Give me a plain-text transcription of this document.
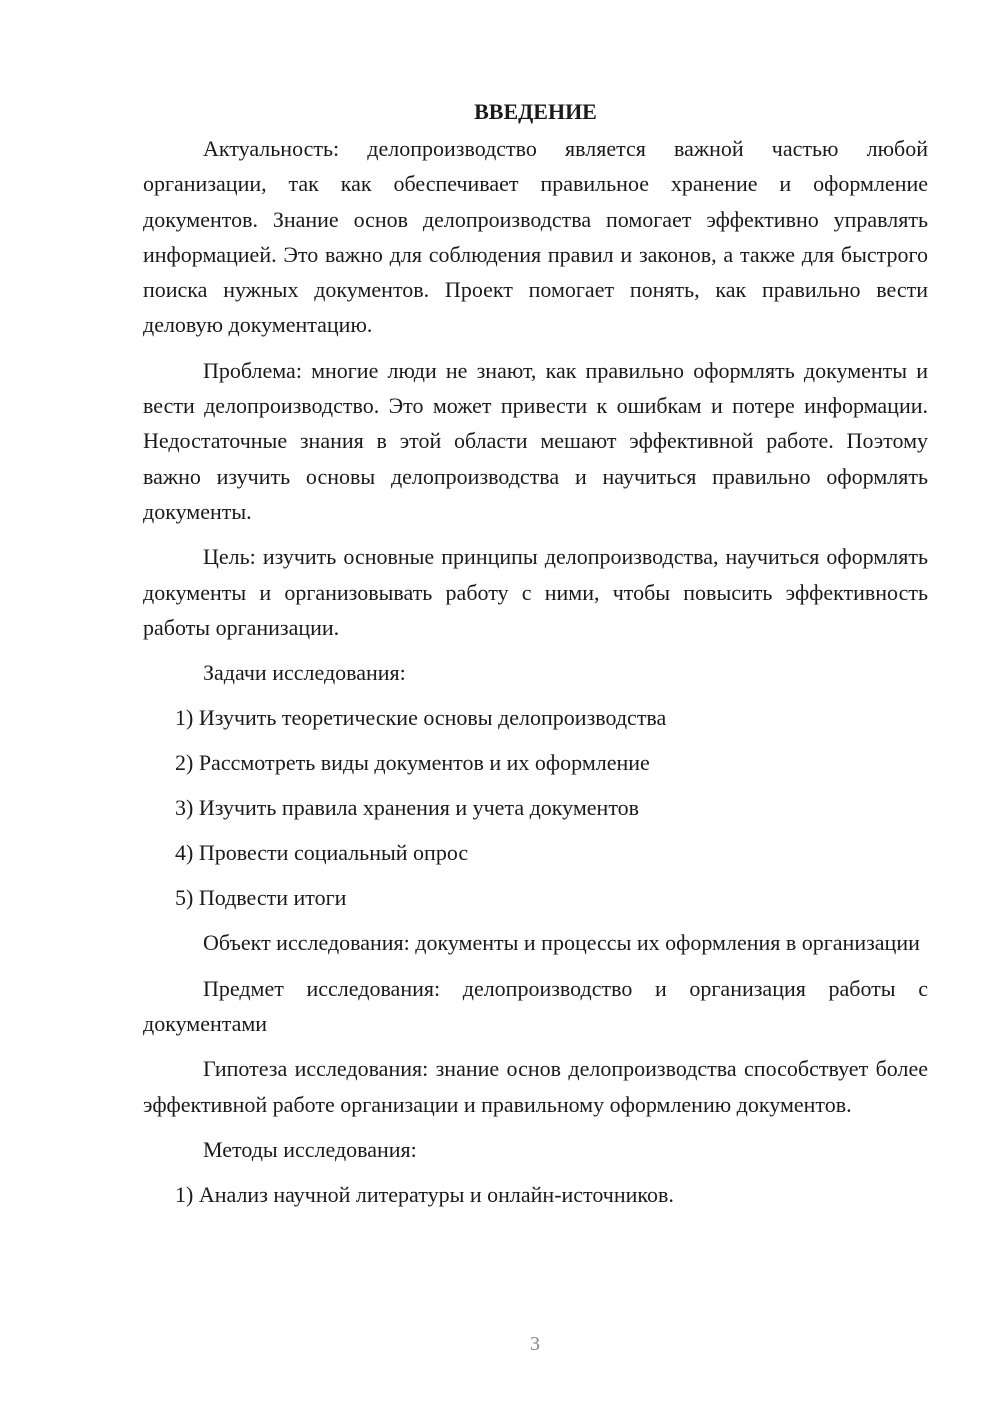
ВВЕДЕНИЕ

Актуальность: делопроизводство является важной частью любой организации, так как обеспечивает правильное хранение и оформление документов. Знание основ делопроизводства помогает эффективно управлять информацией. Это важно для соблюдения правил и законов, а также для быстрого поиска нужных документов. Проект помогает понять, как правильно вести деловую документацию.

Проблема: многие люди не знают, как правильно оформлять документы и вести делопроизводство. Это может привести к ошибкам и потере информации. Недостаточные знания в этой области мешают эффективной работе. Поэтому важно изучить основы делопроизводства и научиться правильно оформлять документы.

Цель: изучить основные принципы делопроизводства, научиться оформлять документы и организовывать работу с ними, чтобы повысить эффективность работы организации.

Задачи исследования:

1) Изучить теоретические основы делопроизводства
2) Рассмотреть виды документов и их оформление
3) Изучить правила хранения и учета документов
4) Провести социальный опрос
5) Подвести итоги

Объект исследования: документы и процессы их оформления в организации

Предмет исследования: делопроизводство и организация работы с документами

Гипотеза исследования: знание основ делопроизводства способствует более эффективной работе организации и правильному оформлению документов.

Методы исследования:

1) Анализ научной литературы и онлайн-источников.
3
